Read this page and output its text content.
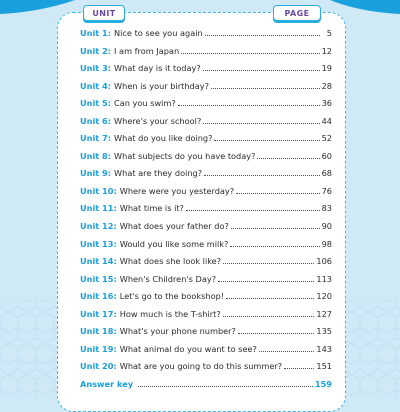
UNIT	PAGE
Unit 1: Nice to see you again	5
Unit 2: I am from Japan	12
Unit 3: What day is it today?	19
Unit 4: When is your birthday?	28
Unit 5: Can you swim?	36
Unit 6: Where's your school?	44
Unit 7: What do you like doing?	52
Unit 8: What subjects do you have today?	60
Unit 9: What are they doing?	68
Unit 10: Where were you yesterday?	76
Unit 11: What time is it?	83
Unit 12: What does your father do?	90
Unit 13: Would you like some milk?	98
Unit 14: What does she look like?	106
Unit 15: When's Children's Day?	113
Unit 16: Let's go to the bookshop!	120
Unit 17: How much is the T-shirt?	127
Unit 18: What's your phone number?	135
Unit 19: What animal do you want to see?	143
Unit 20: What are you going to do this summer?	151
Answer key	159
